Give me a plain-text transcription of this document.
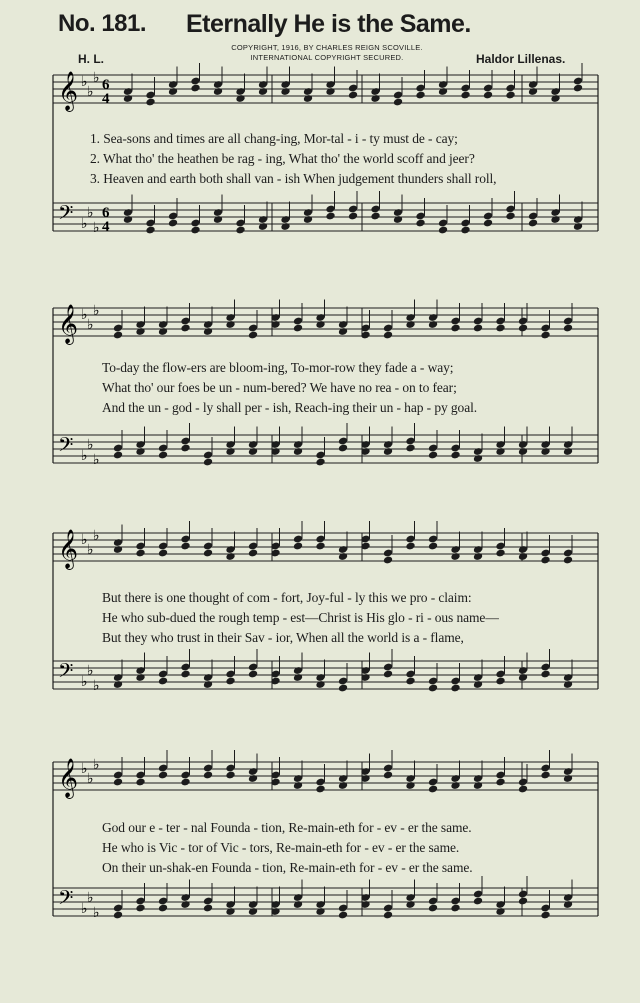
No. 181. Eternally He is the Same.
H. L.
COPYRIGHT, 1916, BY CHARLES REIGN SCOVILLE.
INTERNATIONAL COPYRIGHT SECURED.	Haldor Lillenas.
𝄞 ♭
♭
♭ 6
4
𝄢 ♭
♭
♭
6
4
1. Sea-sons and times are all chang-ing, Mor-tal - i - ty must de - cay;
2. What tho' the heathen be rag - ing, What tho' the world scoff and jeer?
3. Heaven and earth both shall van - ish When judgement thunders shall roll,
𝄞 ♭
♭
♭
𝄢 ♭
♭
♭
To-day the flow-ers are bloom-ing, To-mor-row they fade a - way;
What tho' our foes be un - num-bered? We have no rea - on to fear;
And the un - god - ly shall per - ish, Reach-ing their un - hap - py goal.
𝄞 ♭
♭
♭
𝄢 ♭
♭
♭
But there is one thought of com - fort, Joy-ful - ly this we pro - claim:
He who sub-dued the rough temp - est—Christ is His glo - ri - ous name—
But they who trust in their Sav - ior, When all the world is a - flame,
𝄞 ♭
♭
♭
𝄢 ♭
♭
♭
God our e - ter - nal Founda - tion, Re-main-eth for - ev - er the same.
He who is Vic - tor of Vic - tors, Re-main-eth for - ev - er the same.
On their un-shak-en Founda - tion, Re-main-eth for - ev - er the same.
